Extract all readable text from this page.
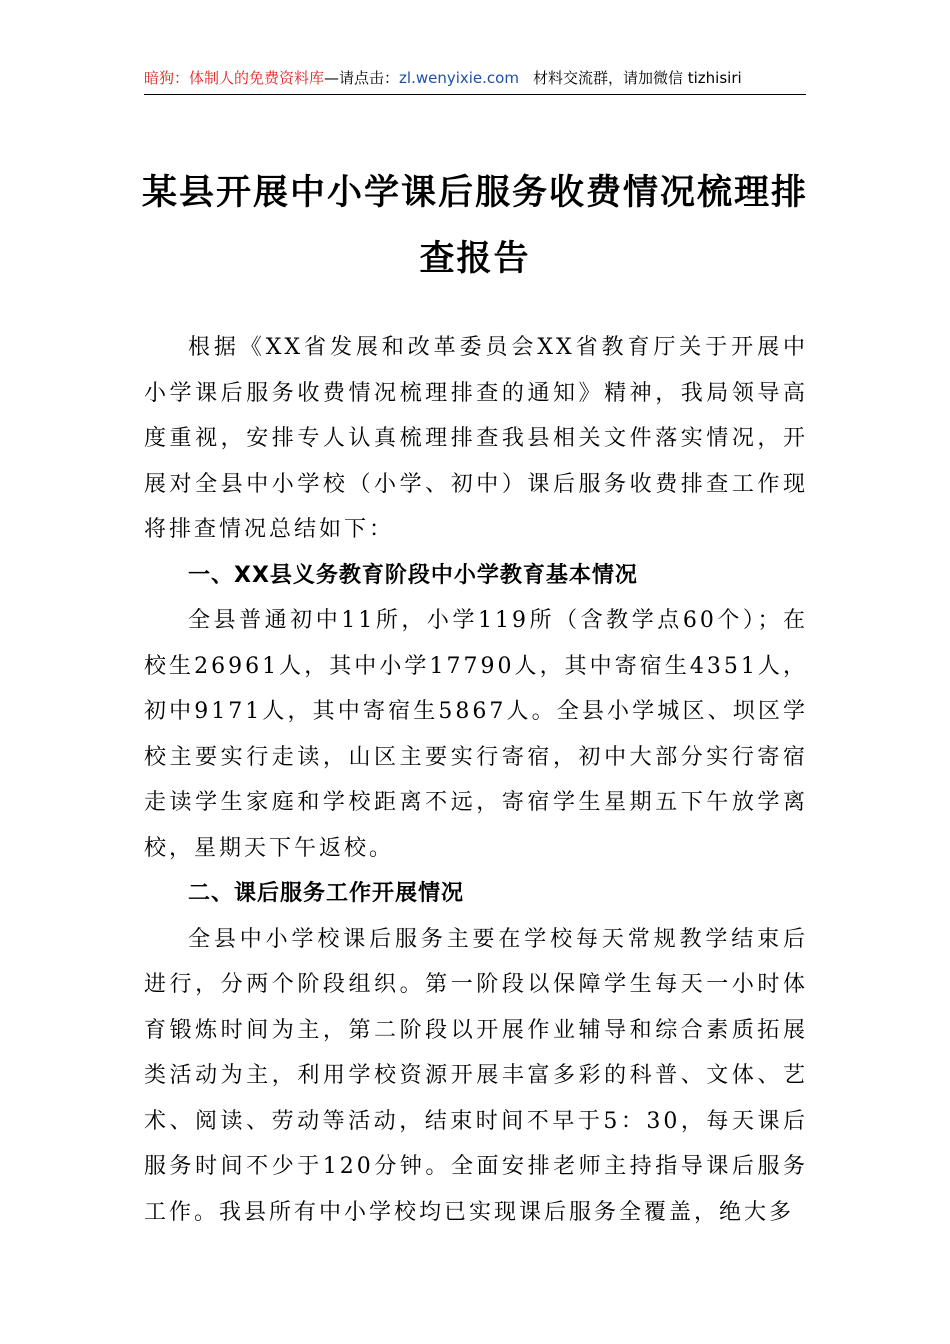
暗狗：体制人的免费资料库—请点击：zl.wenyixie.com 材料交流群，请加微信 tizhisiri
某县开展中小学课后服务收费情况梳理排查报告

根据《XX省发展和改革委员会XX省教育厅关于开展中小学课后服务收费情况梳理排查的通知》精神，我局领导高度重视，安排专人认真梳理排查我县相关文件落实情况，开展对全县中小学校（小学、初中）课后服务收费排查工作现将排查情况总结如下：

一、XX县义务教育阶段中小学教育基本情况

全县普通初中11所，小学119所（含教学点60个）；在校生26961人，其中小学17790人，其中寄宿生4351人，初中9171人，其中寄宿生5867人。全县小学城区、坝区学校主要实行走读，山区主要实行寄宿，初中大部分实行寄宿走读学生家庭和学校距离不远，寄宿学生星期五下午放学离校，星期天下午返校。

二、课后服务工作开展情况

全县中小学校课后服务主要在学校每天常规教学结束后进行，分两个阶段组织。第一阶段以保障学生每天一小时体育锻炼时间为主，第二阶段以开展作业辅导和综合素质拓展类活动为主，利用学校资源开展丰富多彩的科普、文体、艺术、阅读、劳动等活动，结束时间不早于5：30，每天课后服务时间不少于120分钟。全面安排老师主持指导课后服务工作。我县所有中小学校均已实现课后服务全覆盖，绝大多
